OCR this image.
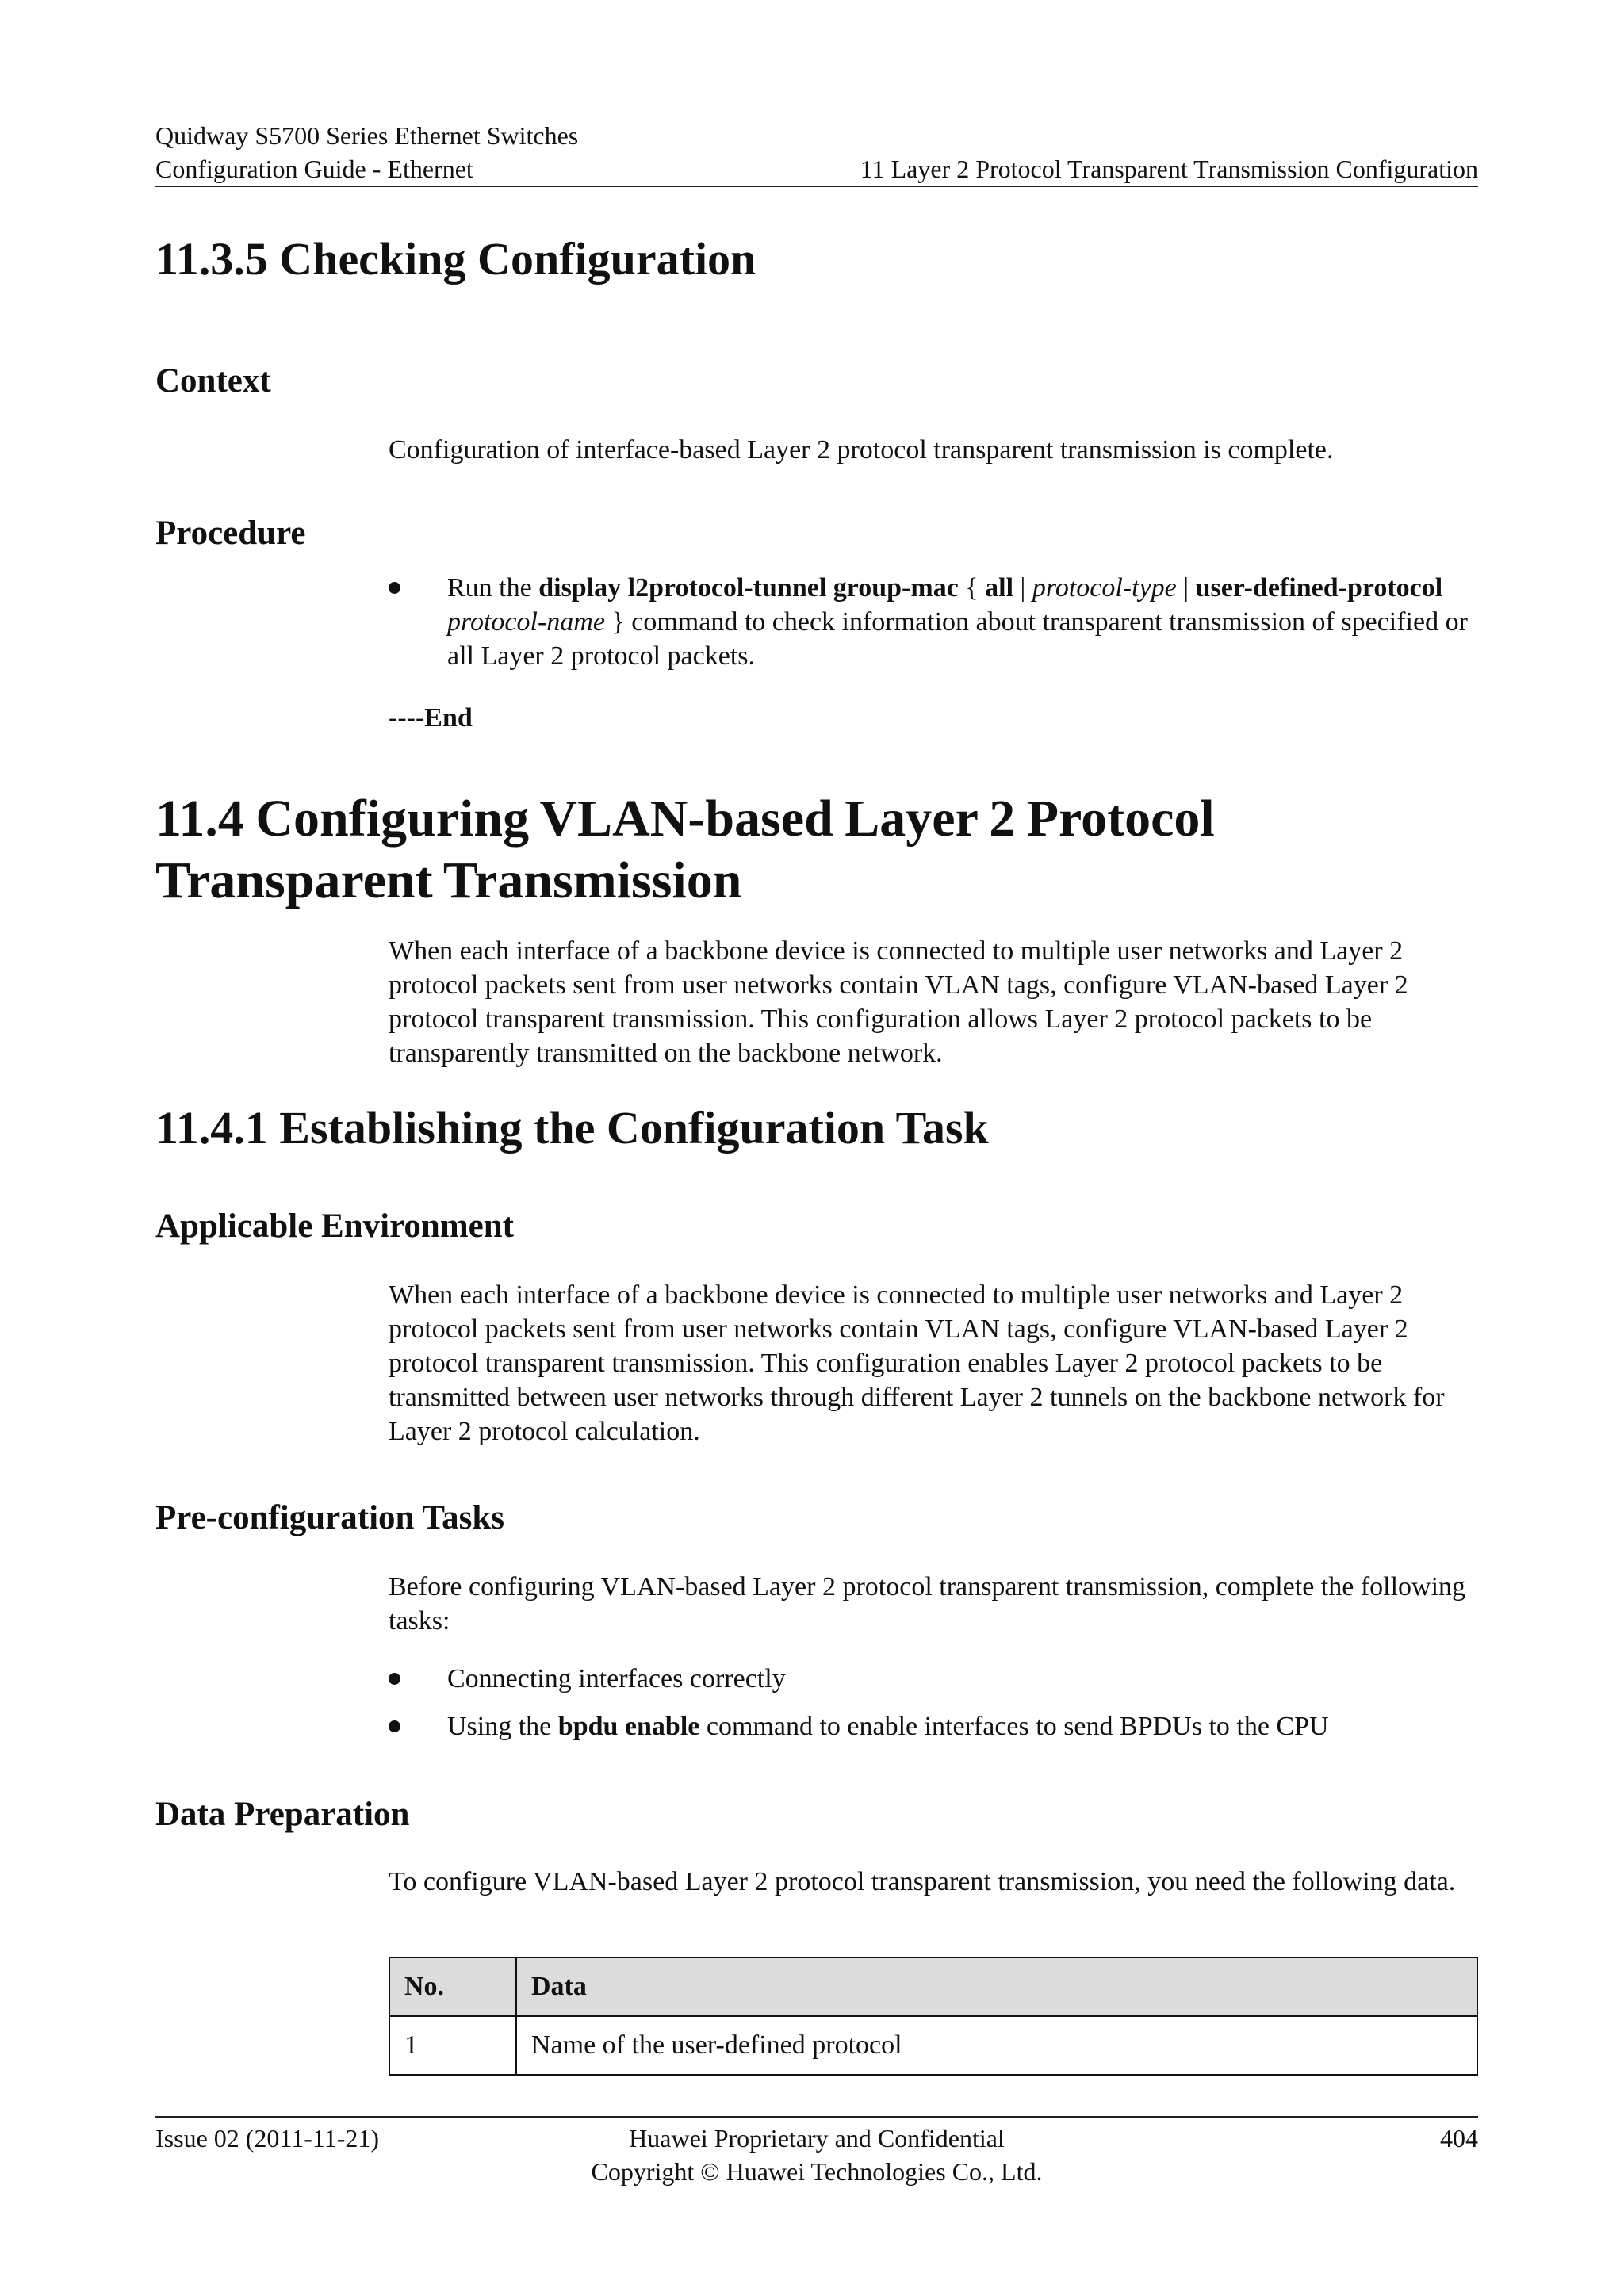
Quidway S5700 Series Ethernet Switches
Configuration Guide - Ethernet	11 Layer 2 Protocol Transparent Transmission Configuration
11.3.5 Checking Configuration
Context

Configuration of interface-based Layer 2 protocol transparent transmission is complete.

Procedure
Run the display l2protocol-tunnel group-mac { all | protocol-type | user-defined-protocol protocol-name } command to check information about transparent transmission of specified or all Layer 2 protocol packets.
----End
11.4 Configuring VLAN-based Layer 2 Protocol Transparent Transmission

When each interface of a backbone device is connected to multiple user networks and Layer 2 protocol packets sent from user networks contain VLAN tags, configure VLAN-based Layer 2 protocol transparent transmission. This configuration allows Layer 2 protocol packets to be transparently transmitted on the backbone network.

11.4.1 Establishing the Configuration Task
Applicable Environment

When each interface of a backbone device is connected to multiple user networks and Layer 2 protocol packets sent from user networks contain VLAN tags, configure VLAN-based Layer 2 protocol transparent transmission. This configuration enables Layer 2 protocol packets to be transmitted between user networks through different Layer 2 tunnels on the backbone network for Layer 2 protocol calculation.

Pre-configuration Tasks

Before configuring VLAN-based Layer 2 protocol transparent transmission, complete the following tasks:

Connecting interfaces correctly
Using the bpdu enable command to enable interfaces to send BPDUs to the CPU
Data Preparation

To configure VLAN-based Layer 2 protocol transparent transmission, you need the following data.

No.	Data
1	Name of the user-defined protocol
Issue 02 (2011-11-21)	Huawei Proprietary and Confidential
Copyright © Huawei Technologies Co., Ltd.
404
